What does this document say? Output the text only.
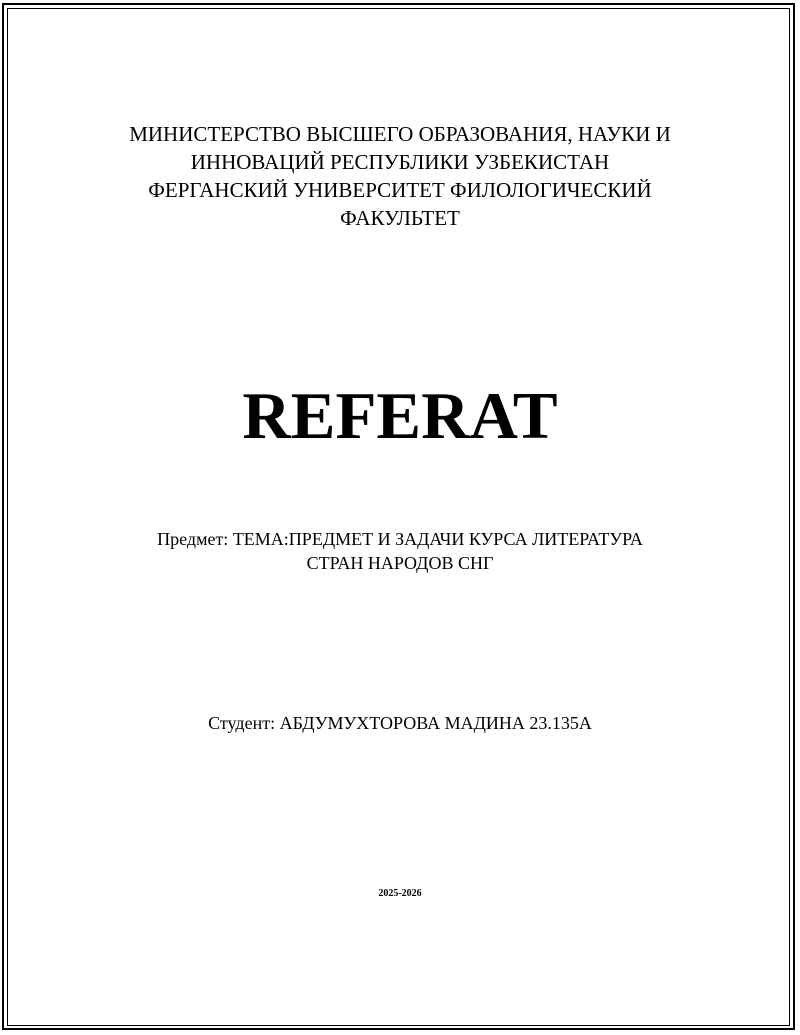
МИНИСТЕРСТВО ВЫСШЕГО ОБРАЗОВАНИЯ, НАУКИ И
ИННОВАЦИЙ РЕСПУБЛИКИ УЗБЕКИСТАН
ФЕРГАНСКИЙ УНИВЕРСИТЕТ ФИЛОЛОГИЧЕСКИЙ
ФАКУЛЬТЕТ
REFERAT
Предмет: ТЕМА:ПРЕДМЕТ И ЗАДАЧИ КУРСА ЛИТЕРАТУРА
СТРАН НАРОДОВ СНГ
Студент: АБДУМУХТОРОВА МАДИНА 23.135А
2025-2026
